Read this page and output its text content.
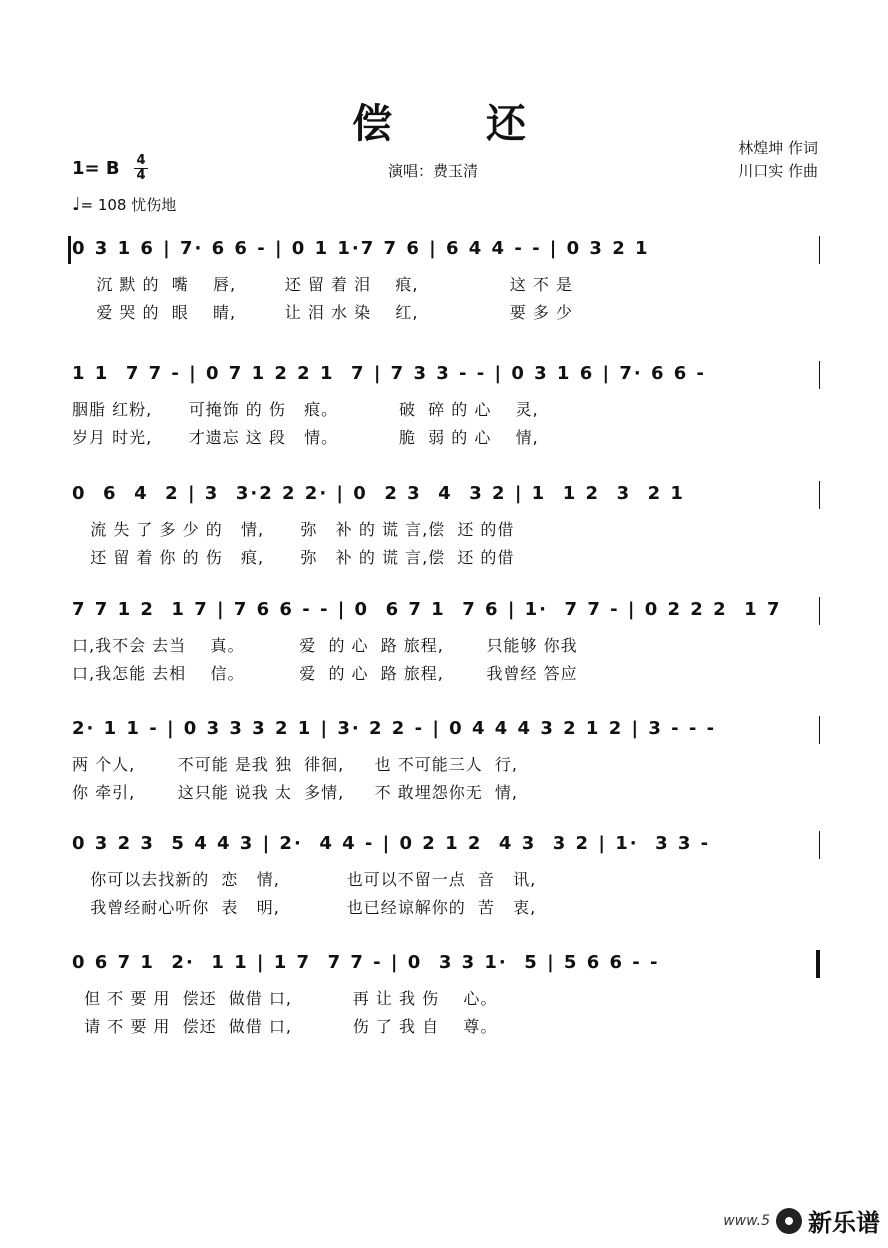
偿 还
林煌坤 作词
川口实 作曲
演唱：费玉清
1= B 4
4
♩= 108 忧伤地
0 3 1 6 | 7· 6 6 - | 0 1 1·7 7 6 | 6 4 4 - - | 0 3 2 1
沉 默 的  嘴    唇,        还 留 着 泪    痕,               这 不 是
爱 哭 的  眼    睛,        让 泪 水 染    红,               要 多 少
1 1  7 7 - | 0 7 1 2 2 1  7 | 7 3 3 - - | 0 3 1 6 | 7· 6 6 -
胭脂 红粉,      可掩饰 的 伤   痕。          破  碎 的 心    灵,
岁月 时光,      才遗忘 这 段   情。          脆  弱 的 心    情,
0  6  4  2 | 3  3·2 2 2· | 0  2 3  4  3 2 | 1  1 2  3  2 1
流 失 了 多 少 的   情,      弥   补 的 谎 言,偿  还 的借
还 留 着 你 的 伤   痕,      弥   补 的 谎 言,偿  还 的借
7 7 1 2  1 7 | 7 6 6 - - | 0  6 7 1  7 6 | 1·  7 7 - | 0 2 2 2  1 7
口,我不会 去当    真。         爱  的 心  路 旅程,       只能够 你我
口,我怎能 去相    信。         爱  的 心  路 旅程,       我曾经 答应
2· 1 1 - | 0 3 3 3 2 1 | 3· 2 2 - | 0 4 4 4 3 2 1 2 | 3 - - -
两 个人,       不可能 是我 独  徘徊,     也 不可能三人  行,
你 牵引,       这只能 说我 太  多情,     不 敢埋怨你无  情,
0 3 2 3  5 4 4 3 | 2·  4 4 - | 0 2 1 2  4 3  3 2 | 1·  3 3 -
你可以去找新的  恋   情,           也可以不留一点  音   讯,
我曾经耐心听你  表   明,           也已经谅解你的  苦   衷,
0 6 7 1  2·  1 1 | 1 7  7 7 - | 0  3 3 1·  5 | 5 6 6 - -
但 不 要 用  偿还  做借 口,          再 让 我 伤    心。
请 不 要 用  偿还  做借 口,          伤 了 我 自    尊。
www.5 新乐谱
